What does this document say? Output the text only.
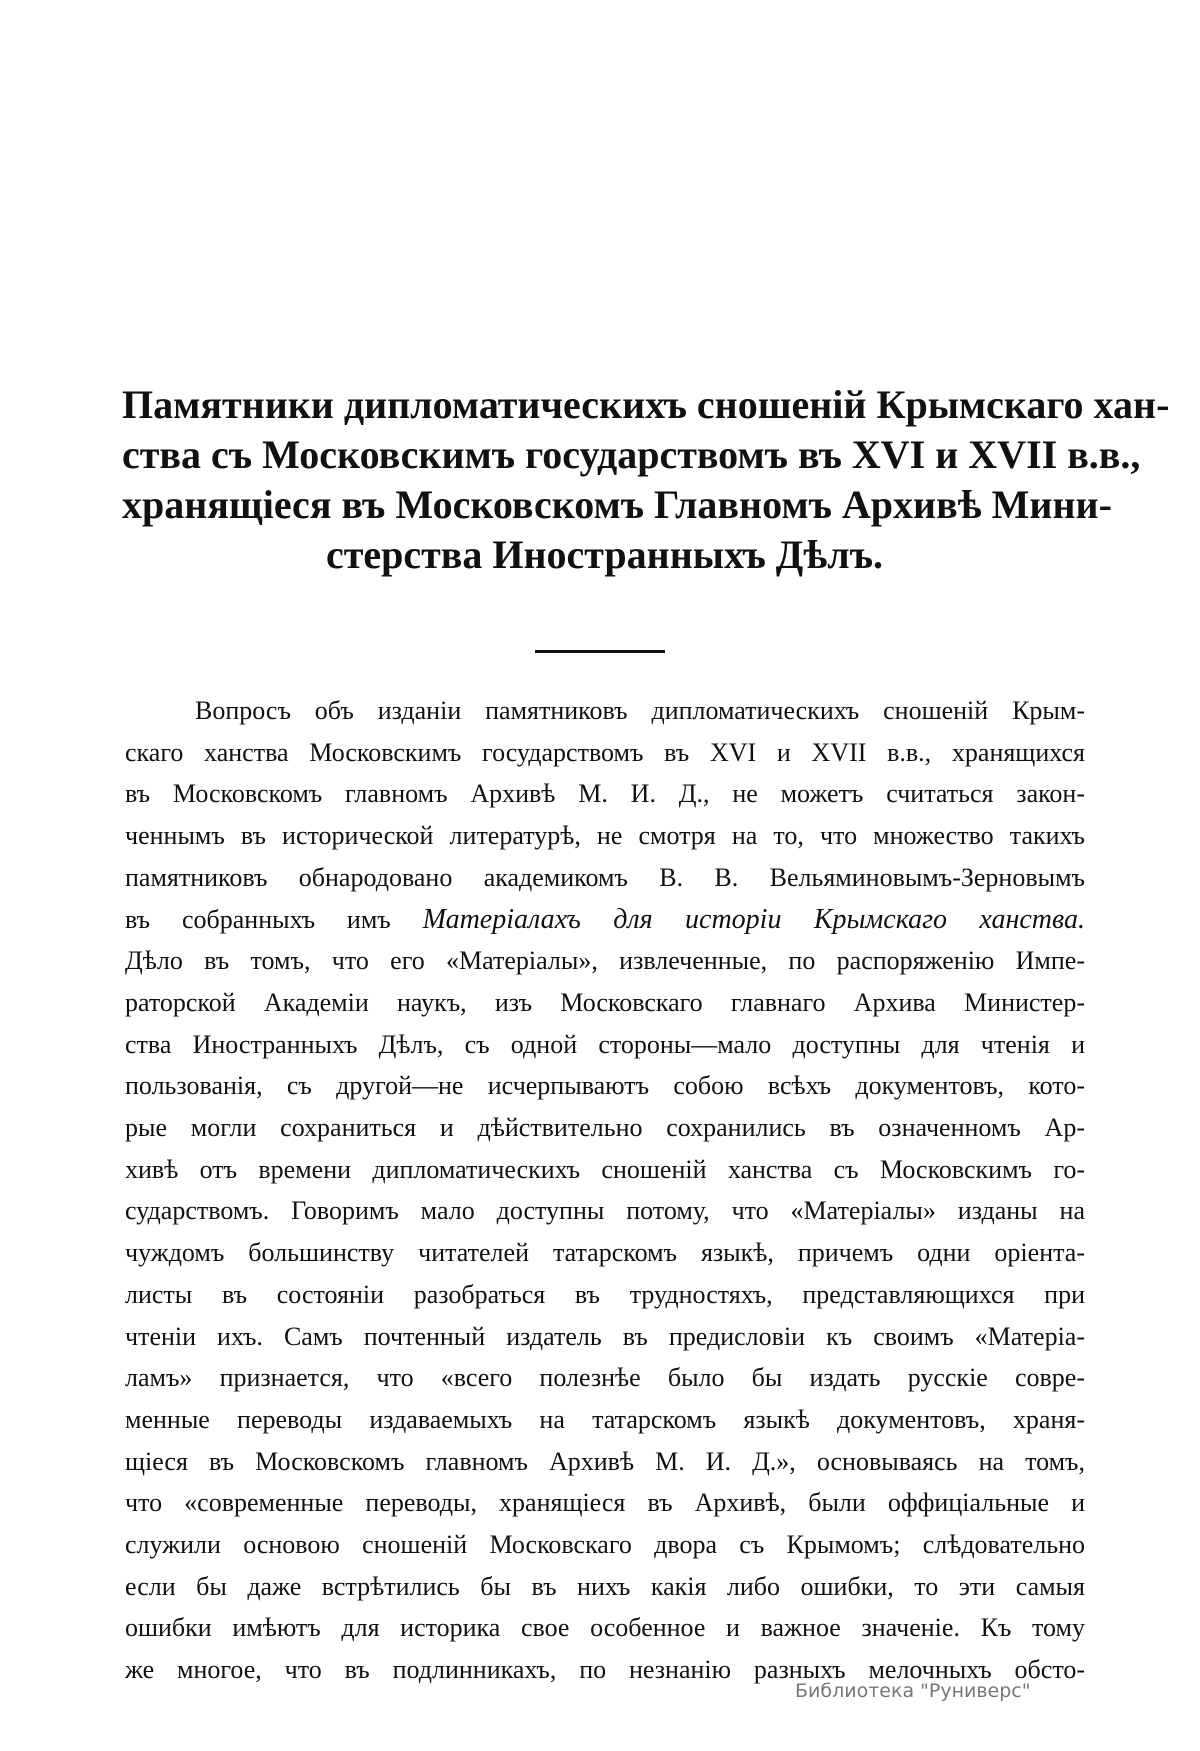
Памятники дипломатическихъ сношеній Крымскаго хан-
ства съ Московскимъ государствомъ въ XVI и XVII в.в.,
хранящіеся въ Московскомъ Главномъ Архивѣ Мини-
стерства Иностранныхъ Дѣлъ.
Вопросъ объ изданіи памятниковъ дипломатическихъ сношеній Крым-
скаго ханства Московскимъ государствомъ въ XVI и XVII в.в., хранящихся
въ Московскомъ главномъ Архивѣ М. И. Д., не можетъ считаться закон-
ченнымъ въ исторической литературѣ, не смотря на то, что множество такихъ
памятниковъ обнародовано академикомъ В. В. Вельяминовымъ-Зерновымъ
въ собранныхъ имъ Матеріалахъ для исторіи Крымскаго ханства.
Дѣло въ томъ, что его «Матеріалы», извлеченные, по распоряженію Импе-
раторской Академіи наукъ, изъ Московскаго главнаго Архива Министер-
ства Иностранныхъ Дѣлъ, съ одной стороны—мало доступны для чтенія и
пользованія, съ другой—не исчерпываютъ собою всѣхъ документовъ, кото-
рые могли сохраниться и дѣйствительно сохранились въ означенномъ Ар-
хивѣ отъ времени дипломатическихъ сношеній ханства съ Московскимъ го-
сударствомъ. Говоримъ мало доступны потому, что «Матеріалы» изданы на
чуждомъ большинству читателей татарскомъ языкѣ, причемъ одни оріента-
листы въ состояніи разобраться въ трудностяхъ, представляющихся при
чтеніи ихъ. Самъ почтенный издатель въ предисловіи къ своимъ «Матеріа-
ламъ» признается, что «всего полезнѣе было бы издать русскіе совре-
менные переводы издаваемыхъ на татарскомъ языкѣ документовъ, храня-
щіеся въ Московскомъ главномъ Архивѣ М. И. Д.», основываясь на томъ,
что «современные переводы, хранящіеся въ Архивѣ, были оффиціальные и
служили основою сношеній Московскаго двора съ Крымомъ; слѣдовательно
если бы даже встрѣтились бы въ нихъ какія либо ошибки, то эти самыя
ошибки имѣютъ для историка свое особенное и важное значеніе. Къ тому
же многое, что въ подлинникахъ, по незнанію разныхъ мелочныхъ обсто-
Библиотека "Руниверс"
